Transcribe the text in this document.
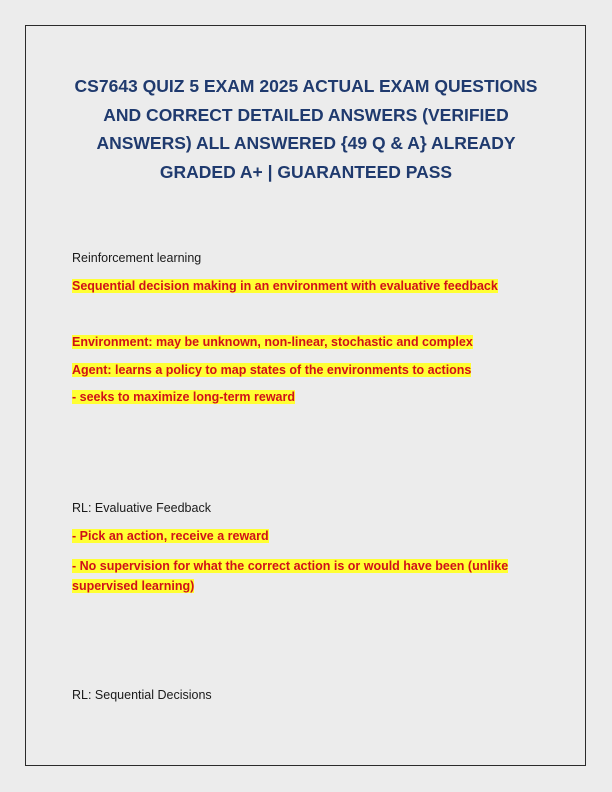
CS7643 QUIZ 5 EXAM 2025 ACTUAL EXAM QUESTIONS AND CORRECT DETAILED ANSWERS (VERIFIED ANSWERS) ALL ANSWERED {49 Q & A} ALREADY GRADED A+ | GUARANTEED PASS

Reinforcement learning

Sequential decision making in an environment with evaluative feedback

Environment: may be unknown, non-linear, stochastic and complex

Agent: learns a policy to map states of the environments to actions

- seeks to maximize long-term reward

RL: Evaluative Feedback

- Pick an action, receive a reward

- No supervision for what the correct action is or would have been (unlike supervised learning)

RL: Sequential Decisions
